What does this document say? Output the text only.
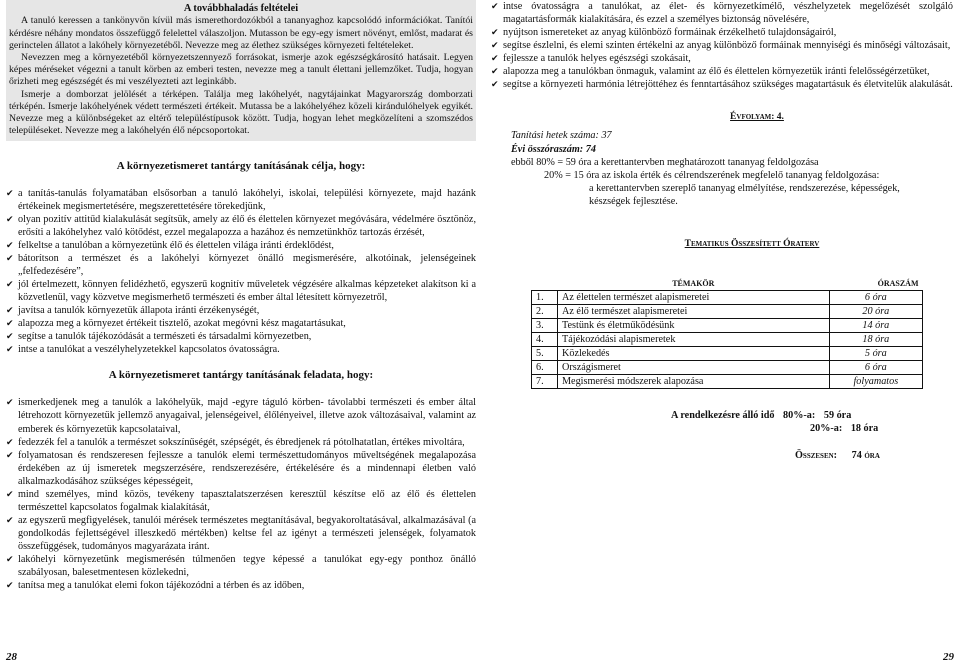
A továbbhaladás feltételei

A tanuló keressen a tankönyvön kívül más ismerethordozókból a tananyaghoz kapcsolódó információkat. Tanítói kérdésre néhány mondatos összefüggő felelettel válaszoljon. Mutasson be egy-egy ismert növényt, emlőst, madarat és gerinctelen állatot a lakóhely környezetéből. Nevezze meg az élethez szükséges környezeti feltételeket.

Nevezzen meg a környezetéből környezetszennyező forrásokat, ismerje azok egészségkárosító hatásait. Legyen képes méréseket végezni a tanult körben az emberi testen, nevezze meg a tanult élettani jellemzőket. Tudja, hogyan őrizheti meg egészségét és mi veszélyezteti azt leginkább.

Ismerje a domborzat jelölését a térképen. Találja meg lakóhelyét, nagytájainkat Magyarország domborzati térképén. Ismerje lakóhelyének védett természeti értékeit. Mutassa be a lakóhelyéhez közeli kirándulóhelyek egyikét. Nevezze meg a különbségeket az eltérő településtípusok között. Tudja, hogyan lehet megközelíteni a szomszédos településeket. Nevezze meg a lakóhelyén élő népcsoportokat.

A környezetismeret tantárgy tanításának célja, hogy:

✔ a tanítás-tanulás folyamatában elsősorban a tanuló lakóhelyi, iskolai, települési környezete, majd hazánk értékeinek megismertetésére, megszerettetésére törekedjünk,
✔ olyan pozitív attitűd kialakulását segítsük, amely az élő és élettelen környezet megóvására, védelmére ösztönöz, erősíti a lakóhelyhez való kötődést, ezzel megalapozza a hazához és nemzetünkhöz tartozás érzését,
✔ felkeltse a tanulóban a környezetünk élő és élettelen világa iránti érdeklődést,
✔ bátorítson a természet és a lakóhelyi környezet önálló megismerésére, alkotóinak, jelenségeinek „felfedezésére”,
✔ jól értelmezett, könnyen felidézhető, egyszerű kognitív műveletek végzésére alkalmas képzeteket alakítson ki a közvetlenül, vagy közvetve megismerhető természeti és ember által létesített környezetről,
✔ javítsa a tanulók környezetük állapota iránti érzékenységét,
✔ alapozza meg a környezet értékeit tisztelő, azokat megóvni kész magatartásukat,
✔ segítse a tanulók tájékozódását a természeti és társadalmi környezetben,
✔ intse a tanulókat a veszélyhelyzetekkel kapcsolatos óvatosságra.

A környezetismeret tantárgy tanításának feladata, hogy:

✔ ismerkedjenek meg a tanulók a lakóhelyük, majd -egyre táguló körben- távolabbi természeti és ember által létrehozott környezetük jellemző anyagaival, jelenségeivel, élőlényeivel, illetve azok változásaival, valamint az emberek és környezetük kapcsolataival,
✔ fedezzék fel a tanulók a természet sokszínűségét, szépségét, és ébredjenek rá pótolhatatlan, értékes mivoltára,
✔ folyamatosan és rendszeresen fejlessze a tanulók elemi természettudományos műveltségének megalapozása érdekében az új ismeretek megszerzésére, rendszerezésére, értékelésére és a mindennapi életben való alkalmazkodásához szükséges képességeit,
✔ mind személyes, mind közös, tevékeny tapasztalatszerzésen keresztül készítse elő az élő és élettelen természettel kapcsolatos fogalmak kialakítását,
✔ az egyszerű megfigyelések, tanulói mérések természetes megtanításával, begyakoroltatásával, alkalmazásával (a gondolkodás fejlettségével illeszkedő mértékben) keltse fel az igényt a természeti jelenségek, folyamatok összefüggések, tudományos magyarázata iránt.
✔ lakóhelyi környezetünk megismerésén túlmenően tegye képessé a tanulókat egy-egy ponthoz önálló szabályosan, balesetmentesen közlekedni,
✔ tanítsa meg a tanulókat elemi fokon tájékozódni a térben és az időben,
28
✔ intse óvatosságra a tanulókat, az élet- és környezetkímélő, vészhelyzetek megelőzését szolgáló magatartásformák kialakítására, és ezzel a személyes biztonság növelésére,
✔ nyújtson ismereteket az anyag különböző formáinak érzékelhető tulajdonságairól,
✔ segítse észlelni, és elemi szinten értékelni az anyag különböző formáinak mennyiségi és minőségi változásait,
✔ fejlessze a tanulók helyes egészségi szokásait,
✔ alapozza meg a tanulókban önmaguk, valamint az élő és élettelen környezetük iránti felelősségérzetüket,
✔ segítse a környezeti harmónia létrejöttéhez és fenntartásához szükséges magatartásuk és életvitelük alakulását.
Évfolyam: 4.
Tanítási hetek száma: 37
Évi összóraszám: 74
ebből 80% = 59 óra a kerettantervben meghatározott tananyag feldolgozása
20% = 15 óra az iskola érték és célrendszerének megfelelő tananyag feldolgozása:
a kerettantervben szereplő tananyag elmélyítése, rendszerezése, képességek, készségek fejlesztése.
Tematikus Összesített Óraterv
	TÉMAKÖR	ÓRASZÁM
1.	Az élettelen természet alapismeretei	6 óra
2.	Az élő természet alapismeretei	20 óra
3.	Testünk és életműködésünk	14 óra
4.	Tájékozódási alapismeretek	18 óra
5.	Közlekedés	5 óra
6.	Országismeret	6 óra
7.	Megismerési módszerek alapozása	folyamatos
A rendelkezésre álló idő 80%-a: 59 óra
20%-a: 18 óra
Összesen: 74 óra
29
